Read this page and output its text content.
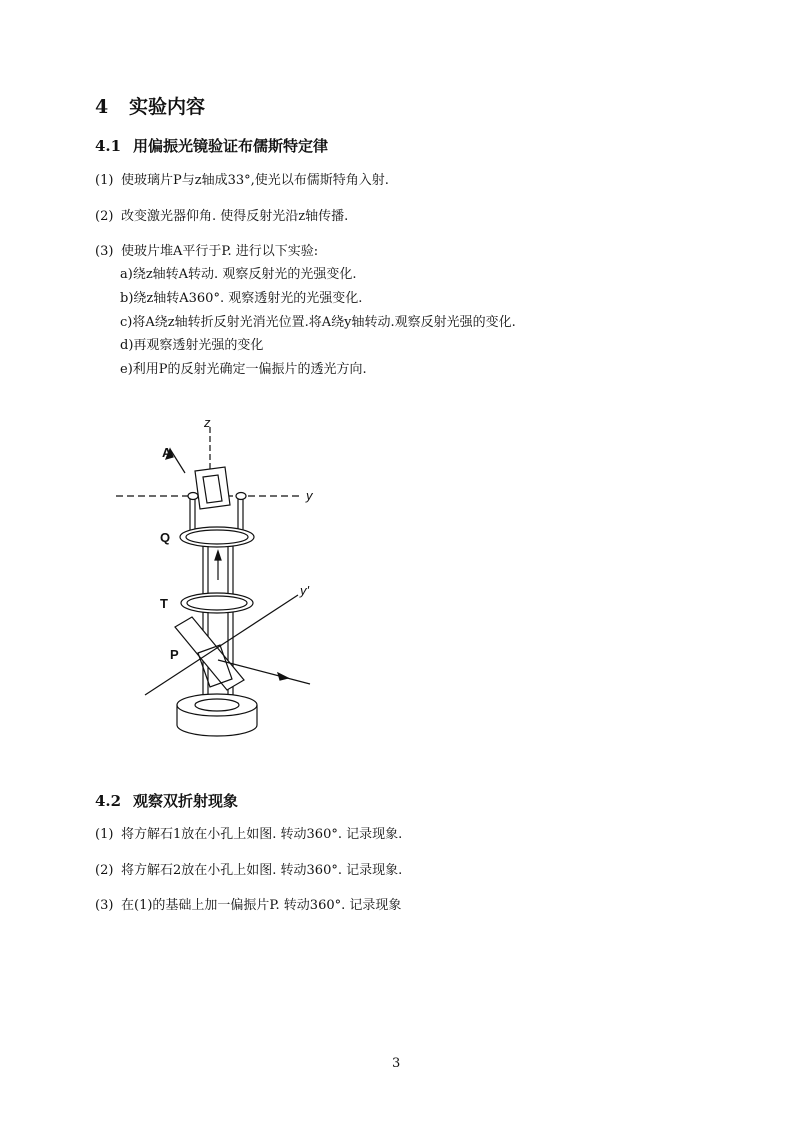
4 实验内容
4.1 用偏振光镜验证布儒斯特定律
(1) 使玻璃片P与z轴成33°,使光以布儒斯特角入射.
(2) 改变激光器仰角. 使得反射光沿z轴传播.
(3) 使玻片堆A平行于P. 进行以下实验:
a)绕z轴转A转动. 观察反射光的光强变化.
b)绕z轴转A360°. 观察透射光的光强变化.
c)将A绕z轴转折反射光消光位置.将A绕y轴转动.观察反射光强的变化.
d)再观察透射光强的变化
e)利用P的反射光确定一偏振片的透光方向.
z
y
y'
A
Q
T
P
4.2 观察双折射现象
(1) 将方解石1放在小孔上如图. 转动360°. 记录现象.
(2) 将方解石2放在小孔上如图. 转动360°. 记录现象.
(3) 在(1)的基础上加一偏振片P. 转动360°. 记录现象
3
